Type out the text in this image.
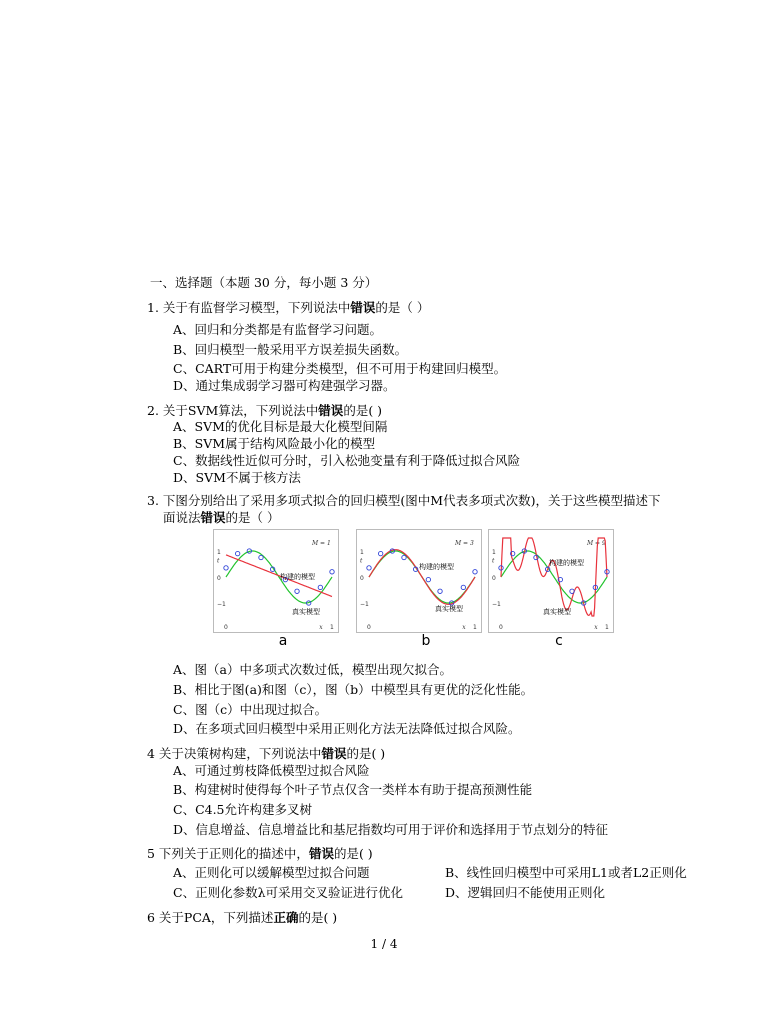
一、选择题（本题 30 分，每小题 3 分）
1. 关于有监督学习模型，下列说法中错误的是（ ）
A、回归和分类都是有监督学习问题。
B、回归模型一般采用平方误差损失函数。
C、CART可用于构建分类模型，但不可用于构建回归模型。
D、通过集成弱学习器可构建强学习器。
2. 关于SVM算法，下列说法中错误的是( )
A、SVM的优化目标是最大化模型间隔
B、SVM属于结构风险最小化的模型
C、数据线性近似可分时，引入松弛变量有利于降低过拟合风险
D、SVM不属于核方法
3. 下图分别给出了采用多项式拟合的回归模型(图中M代表多项式次数)，关于这些模型描述下
面说法错误的是（ ）
1
0
−1
t
0	1
x
M = 1
构建的模型
真实模型
1
0
−1
t
0	1
x
M = 3
构建的模型
真实模型
1
0
−1
t
0	1
x
M = 9
构建的模型
真实模型
a	b	c
A、图（a）中多项式次数过低，模型出现欠拟合。
B、相比于图(a)和图（c），图（b）中模型具有更优的泛化性能。
C、图（c）中出现过拟合。
D、在多项式回归模型中采用正则化方法无法降低过拟合风险。
4 关于决策树构建，下列说法中错误的是( )
A、可通过剪枝降低模型过拟合风险
B、构建树时使得每个叶子节点仅含一类样本有助于提高预测性能
C、C4.5允许构建多叉树
D、信息增益、信息增益比和基尼指数均可用于评价和选择用于节点划分的特征
5 下列关于正则化的描述中，错误的是( )
A、正则化可以缓解模型过拟合问题	B、线性回归模型中可采用L1或者L2正则化
C、正则化参数λ可采用交叉验证进行优化	D、逻辑回归不能使用正则化
6 关于PCA，下列描述正确的是( )
1 / 4
